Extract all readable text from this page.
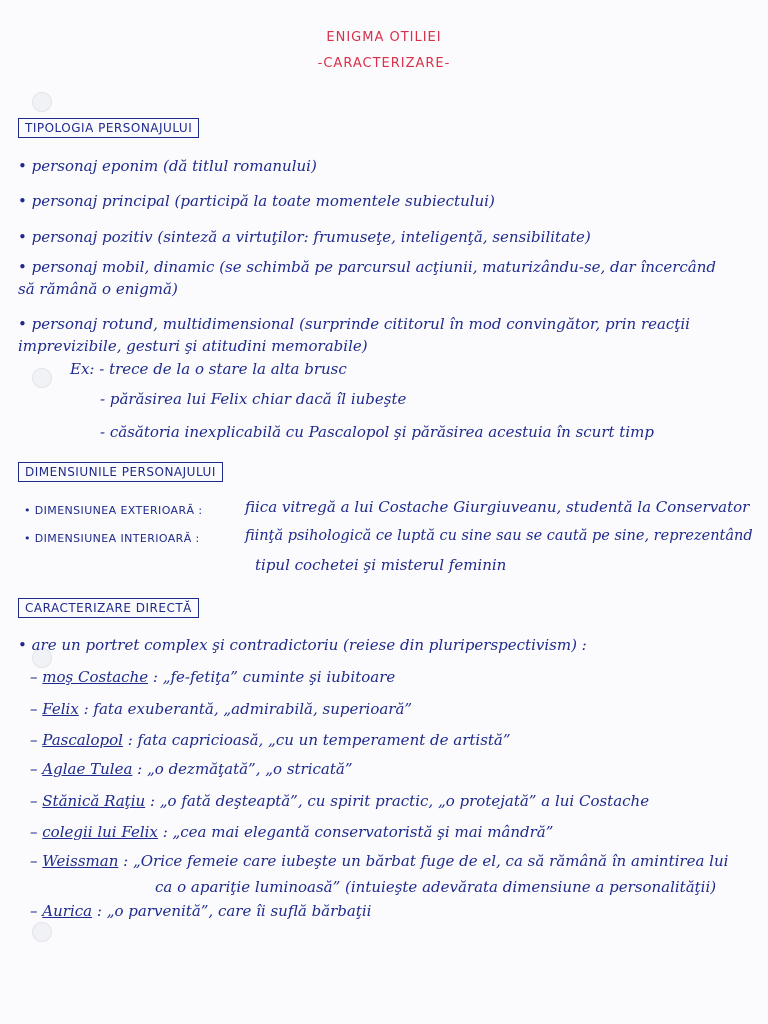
ENIGMA OTILIEI
-CARACTERIZARE-
TIPOLOGIA PERSONAJULUI
• personaj eponim (dă titlul romanului)
• personaj principal (participă la toate momentele subiectului)
• personaj pozitiv (sinteză a virtuţilor: frumuseţe, inteligenţă, sensibilitate)
• personaj mobil, dinamic (se schimbă pe parcursul acţiunii, maturizându-se, dar încercând
să rămână o enigmă)
• personaj rotund, multidimensional (surprinde cititorul în mod convingător, prin reacţii
imprevizibile, gesturi şi atitudini memorabile)
Ex: - trece de la o stare la alta brusc
- părăsirea lui Felix chiar dacă îl iubeşte
- căsătoria inexplicabilă cu Pascalopol şi părăsirea acestuia în scurt timp
DIMENSIUNILE PERSONAJULUI
• DIMENSIUNEA EXTERIOARĂ :	fiica vitregă a lui Costache Giurgiuveanu, studentă la Conservator
• DIMENSIUNEA INTERIOARĂ :	fiinţă psihologică ce luptă cu sine sau se caută pe sine, reprezentând
tipul cochetei şi misterul feminin
CARACTERIZARE DIRECTĂ
• are un portret complex şi contradictoriu (reiese din pluriperspectivism) :
– moş Costache : „fe-fetiţa” cuminte şi iubitoare
– Felix : fata exuberantă, „admirabilă, superioară”
– Pascalopol : fata capricioasă, „cu un temperament de artistă”
– Aglae Tulea : „o dezmăţată”, „o stricată”
– Stănică Raţiu : „o fată deşteaptă”, cu spirit practic, „o protejată” a lui Costache
– colegii lui Felix : „cea mai elegantă conservatoristă şi mai mândră”
– Weissman : „Orice femeie care iubeşte un bărbat fuge de el, ca să rămână în amintirea lui
ca o apariţie luminoasă” (intuieşte adevărata dimensiune a personalităţii)
– Aurica : „o parvenită”, care îi suflă bărbaţii
